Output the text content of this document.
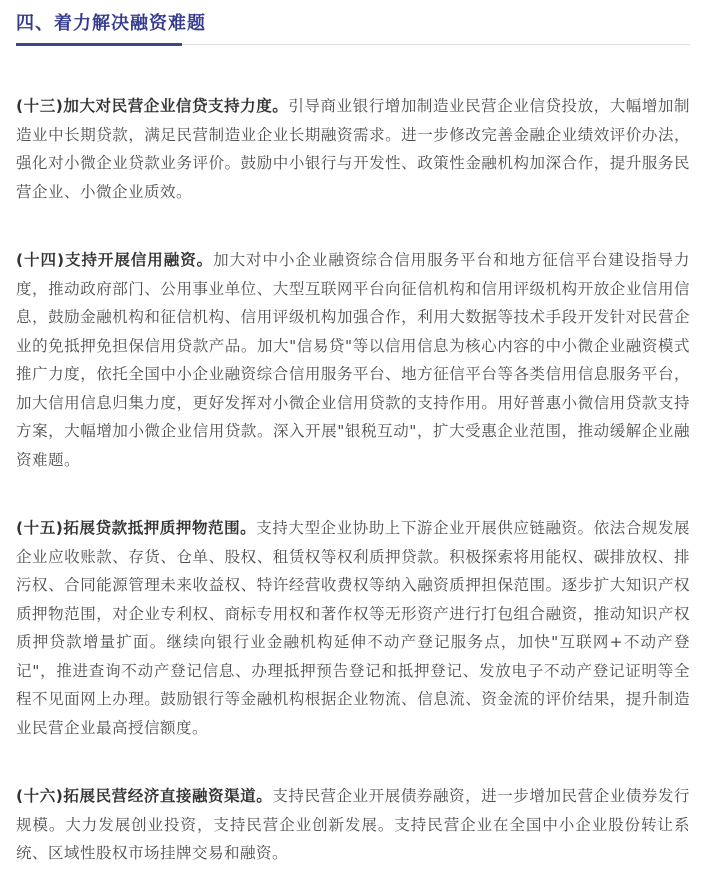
四、着力解决融资难题

(十三)加大对民营企业信贷支持力度。引导商业银行增加制造业民营企业信贷投放，大幅增加制造业中长期贷款，满足民营制造业企业长期融资需求。进一步修改完善金融企业绩效评价办法，强化对小微企业贷款业务评价。鼓励中小银行与开发性、政策性金融机构加深合作，提升服务民营企业、小微企业质效。

(十四)支持开展信用融资。加大对中小企业融资综合信用服务平台和地方征信平台建设指导力度，推动政府部门、公用事业单位、大型互联网平台向征信机构和信用评级机构开放企业信用信息，鼓励金融机构和征信机构、信用评级机构加强合作，利用大数据等技术手段开发针对民营企业的免抵押免担保信用贷款产品。加大"信易贷"等以信用信息为核心内容的中小微企业融资模式推广力度，依托全国中小企业融资综合信用服务平台、地方征信平台等各类信用信息服务平台，加大信用信息归集力度，更好发挥对小微企业信用贷款的支持作用。用好普惠小微信用贷款支持方案，大幅增加小微企业信用贷款。深入开展"银税互动"，扩大受惠企业范围，推动缓解企业融资难题。

(十五)拓展贷款抵押质押物范围。支持大型企业协助上下游企业开展供应链融资。依法合规发展企业应收账款、存货、仓单、股权、租赁权等权利质押贷款。积极探索将用能权、碳排放权、排污权、合同能源管理未来收益权、特许经营收费权等纳入融资质押担保范围。逐步扩大知识产权质押物范围，对企业专利权、商标专用权和著作权等无形资产进行打包组合融资，推动知识产权质押贷款增量扩面。继续向银行业金融机构延伸不动产登记服务点，加快"互联网+不动产登记"，推进查询不动产登记信息、办理抵押预告登记和抵押登记、发放电子不动产登记证明等全程不见面网上办理。鼓励银行等金融机构根据企业物流、信息流、资金流的评价结果，提升制造业民营企业最高授信额度。

(十六)拓展民营经济直接融资渠道。支持民营企业开展债券融资，进一步增加民营企业债券发行规模。大力发展创业投资，支持民营企业创新发展。支持民营企业在全国中小企业股份转让系统、区域性股权市场挂牌交易和融资。
